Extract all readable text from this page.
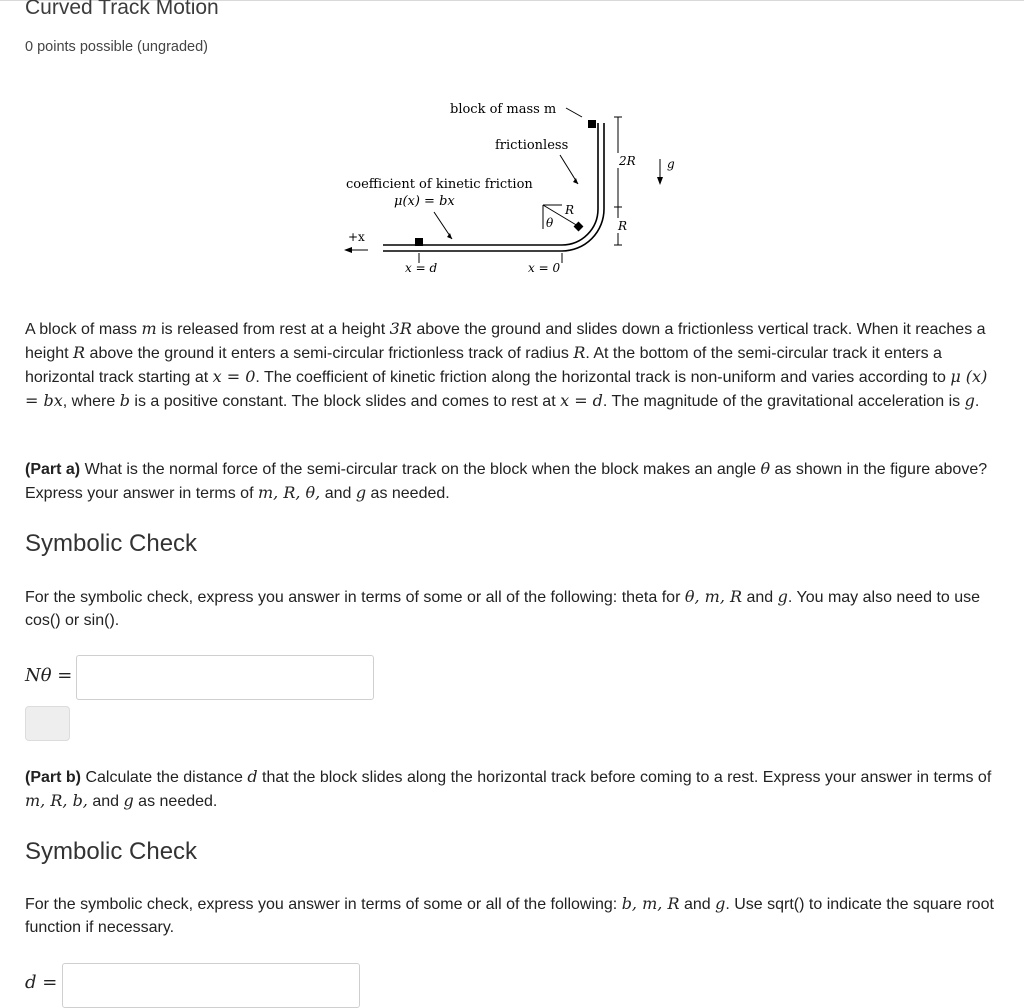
Curved Track Motion
0 points possible (ungraded)
block of mass m
frictionless
coefficient of kinetic friction
μ(x) = bx
θ
R
2R
R
g
+x
x = d	x = 0
A block of mass m is released from rest at a height 3R above the ground and slides down a frictionless vertical track. When it reaches a height R above the ground it enters a semi-circular frictionless track of radius R. At the bottom of the semi-circular track it enters a horizontal track starting at x = 0. The coefficient of kinetic friction along the horizontal track is non-uniform and varies according to μ (x) = bx, where b is a positive constant. The block slides and comes to rest at x = d. The magnitude of the gravitational acceleration is g.
(Part a) What is the normal force of the semi-circular track on the block when the block makes an angle θ as shown in the figure above? Express your answer in terms of m, R, θ, and g as needed.
Symbolic Check
For the symbolic check, express you answer in terms of some or all of the following: theta for θ, m, R and g. You may also need to use cos() or sin().
Nθ =
(Part b) Calculate the distance d that the block slides along the horizontal track before coming to a rest. Express your answer in terms of m, R, b, and g as needed.
Symbolic Check
For the symbolic check, express you answer in terms of some or all of the following: b, m, R and g. Use sqrt() to indicate the square root function if necessary.
d =
